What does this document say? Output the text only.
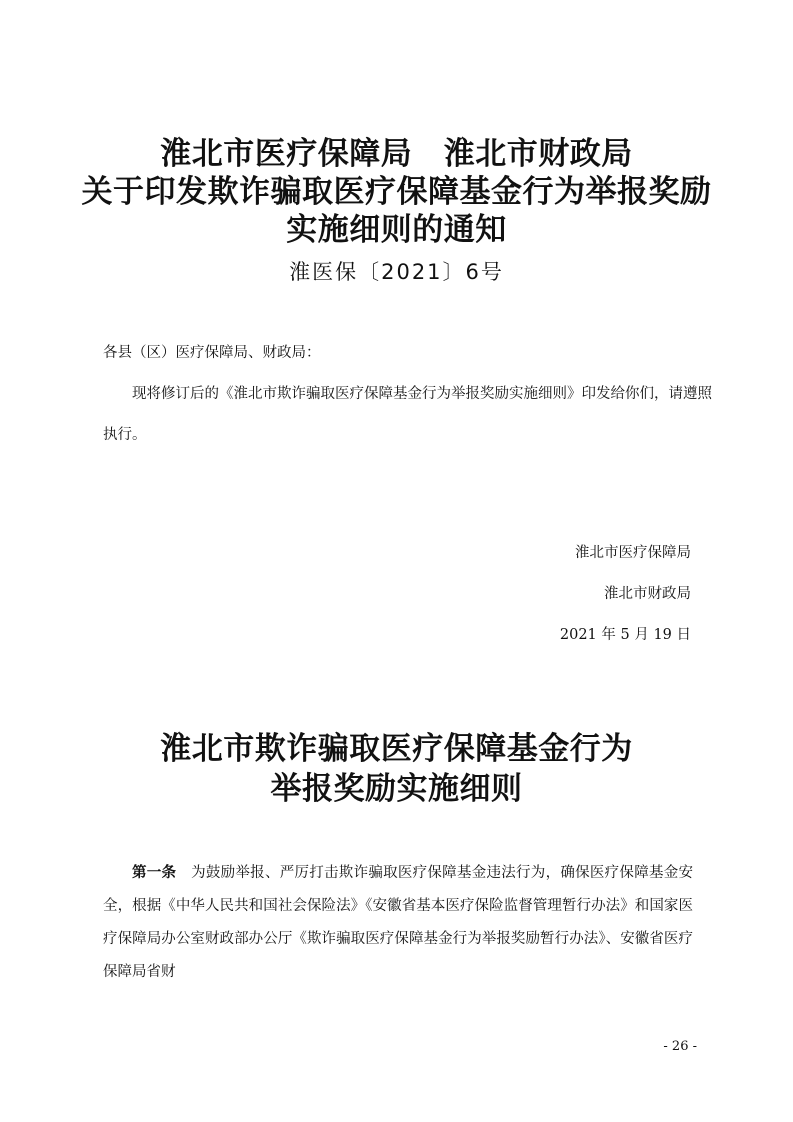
淮北市医疗保障局　淮北市财政局
关于印发欺诈骗取医疗保障基金行为举报奖励
实施细则的通知
淮医保〔2021〕6号
各县（区）医疗保障局、财政局：
现将修订后的《淮北市欺诈骗取医疗保障基金行为举报奖励实施细则》印发给你们，请遵照
执行。
淮北市医疗保障局
淮北市财政局
2021 年 5 月 19 日
淮北市欺诈骗取医疗保障基金行为
举报奖励实施细则
第一条　 为鼓励举报、严厉打击欺诈骗取医疗保障基金违法行为，确保医疗保障基金安全，根据《中华人民共和国社会保险法》《安徽省基本医疗保险监督管理暂行办法》和国家医疗保障局办公室财政部办公厅《欺诈骗取医疗保障基金行为举报奖励暂行办法》、安徽省医疗保障局省财
- 26 -
